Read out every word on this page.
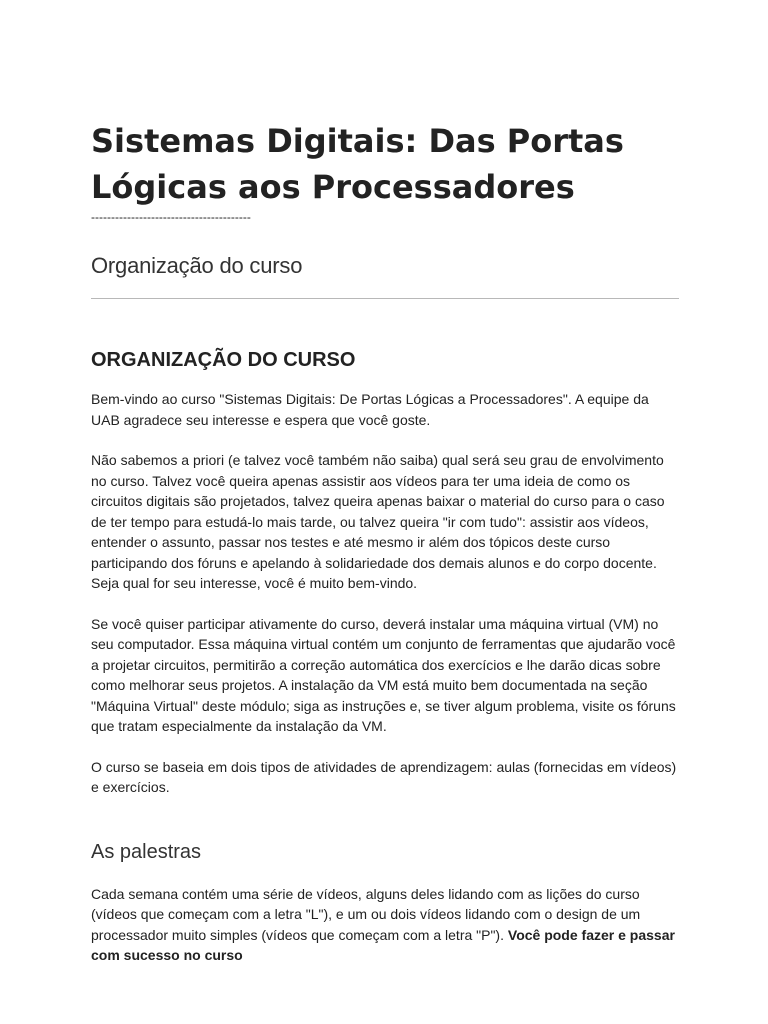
Sistemas Digitais: Das Portas Lógicas aos Processadores
----------------------------------------
Organização do curso
ORGANIZAÇÃO DO CURSO

Bem-vindo ao curso "Sistemas Digitais: De Portas Lógicas a Processadores". A equipe da UAB agradece seu interesse e espera que você goste.

Não sabemos a priori (e talvez você também não saiba) qual será seu grau de envolvimento no curso. Talvez você queira apenas assistir aos vídeos para ter uma ideia de como os circuitos digitais são projetados, talvez queira apenas baixar o material do curso para o caso de ter tempo para estudá-lo mais tarde, ou talvez queira "ir com tudo": assistir aos vídeos, entender o assunto, passar nos testes e até mesmo ir além dos tópicos deste curso participando dos fóruns e apelando à solidariedade dos demais alunos e do corpo docente. Seja qual for seu interesse, você é muito bem-vindo.

Se você quiser participar ativamente do curso, deverá instalar uma máquina virtual (VM) no seu computador. Essa máquina virtual contém um conjunto de ferramentas que ajudarão você a projetar circuitos, permitirão a correção automática dos exercícios e lhe darão dicas sobre como melhorar seus projetos. A instalação da VM está muito bem documentada na seção "Máquina Virtual" deste módulo; siga as instruções e, se tiver algum problema, visite os fóruns que tratam especialmente da instalação da VM.

O curso se baseia em dois tipos de atividades de aprendizagem: aulas (fornecidas em vídeos) e exercícios.

As palestras

Cada semana contém uma série de vídeos, alguns deles lidando com as lições do curso (vídeos que começam com a letra "L"), e um ou dois vídeos lidando com o design de um processador muito simples (vídeos que começam com a letra "P"). Você pode fazer e passar com sucesso no curso
